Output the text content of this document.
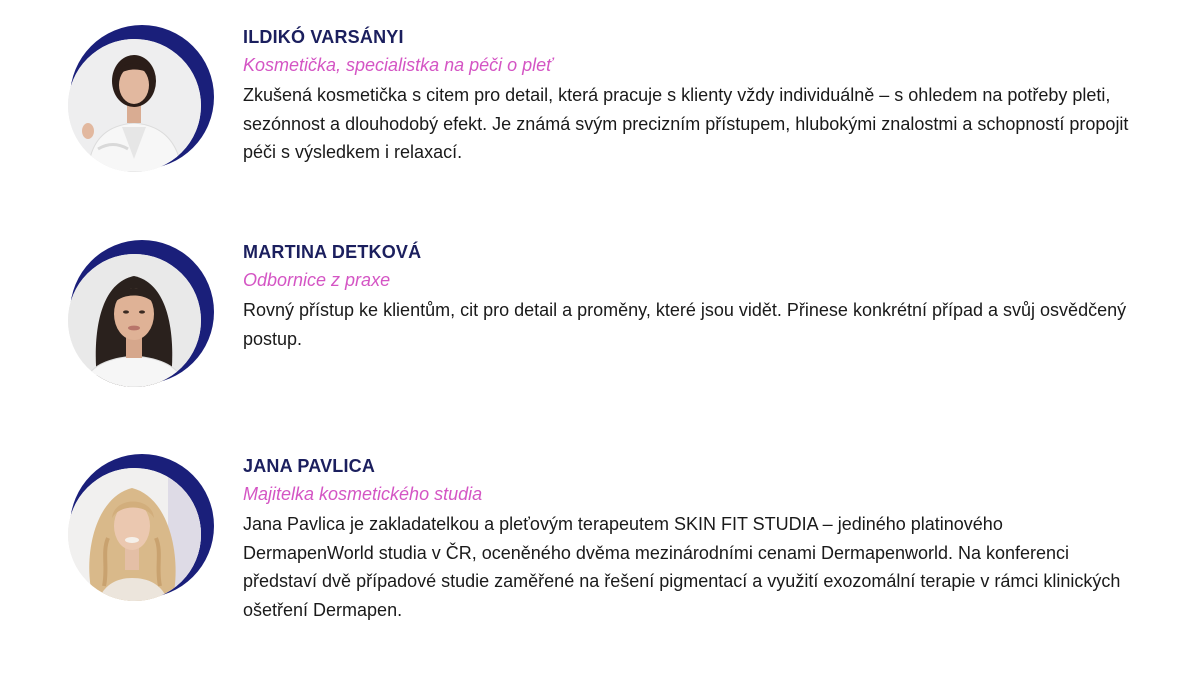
ILDIKÓ VARSÁNYI

Kosmetička, specialistka na péči o pleť

Zkušená kosmetička s citem pro detail, která pracuje s klienty vždy individuálně – s ohledem na potřeby pleti, sezónnost a dlouhodobý efekt. Je známá svým precizním přístupem, hlubokými znalostmi a schopností propojit péči s výsledkem i relaxací.

MARTINA DETKOVÁ

Odbornice z praxe

Rovný přístup ke klientům, cit pro detail a proměny, které jsou vidět. Přinese konkrétní případ a svůj osvědčený postup.

JANA PAVLICA

Majitelka kosmetického studia

Jana Pavlica je zakladatelkou a pleťovým terapeutem SKIN FIT STUDIA – jediného platinového DermapenWorld studia v ČR, oceněného dvěma mezinárodními cenami Dermapenworld. Na konferenci představí dvě případové studie zaměřené na řešení pigmentací a využití exozomální terapie v rámci klinických ošetření Dermapen.
